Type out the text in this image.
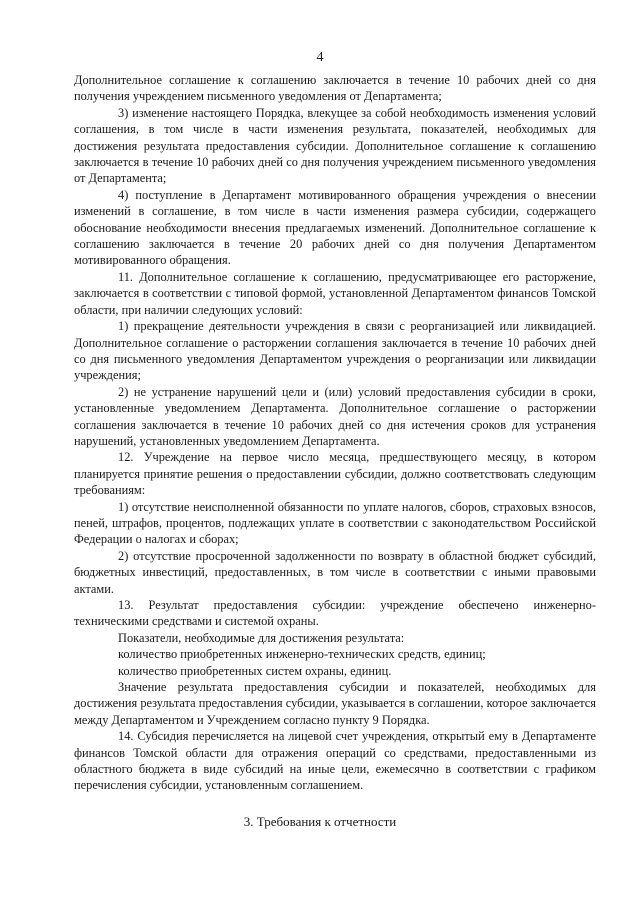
4

Дополнительное соглашение к соглашению заключается в течение 10 рабочих дней со дня получения учреждением письменного уведомления от Департамента;

3) изменение настоящего Порядка, влекущее за собой необходимость изменения условий соглашения, в том числе в части изменения результата, показателей, необходимых для достижения результата предоставления субсидии. Дополнительное соглашение к соглашению заключается в течение 10 рабочих дней со дня получения учреждением письменного уведомления от Департамента;

4) поступление в Департамент мотивированного обращения учреждения о внесении изменений в соглашение, в том числе в части изменения размера субсидии, содержащего обоснование необходимости внесения предлагаемых изменений. Дополнительное соглашение к соглашению заключается в течение 20 рабочих дней со дня получения Департаментом мотивированного обращения.

11. Дополнительное соглашение к соглашению, предусматривающее его расторжение, заключается в соответствии с типовой формой, установленной Департаментом финансов Томской области, при наличии следующих условий:

1) прекращение деятельности учреждения в связи с реорганизацией или ликвидацией. Дополнительное соглашение о расторжении соглашения заключается в течение 10 рабочих дней со дня письменного уведомления Департаментом учреждения о реорганизации или ликвидации учреждения;

2) не устранение нарушений цели и (или) условий предоставления субсидии в сроки, установленные уведомлением Департамента. Дополнительное соглашение о расторжении соглашения заключается в течение 10 рабочих дней со дня истечения сроков для устранения нарушений, установленных уведомлением Департамента.

12. Учреждение на первое число месяца, предшествующего месяцу, в котором планируется принятие решения о предоставлении субсидии, должно соответствовать следующим требованиям:

1) отсутствие неисполненной обязанности по уплате налогов, сборов, страховых взносов, пеней, штрафов, процентов, подлежащих уплате в соответствии с законодательством Российской Федерации о налогах и сборах;

2) отсутствие просроченной задолженности по возврату в областной бюджет субсидий, бюджетных инвестиций, предоставленных, в том числе в соответствии с иными правовыми актами.

13. Результат предоставления субсидии: учреждение обеспечено инженерно-техническими средствами и системой охраны.

Показатели, необходимые для достижения результата:

количество приобретенных инженерно-технических средств, единиц;

количество приобретенных систем охраны, единиц.

Значение результата предоставления субсидии и показателей, необходимых для достижения результата предоставления субсидии, указывается в соглашении, которое заключается между Департаментом и Учреждением согласно пункту 9 Порядка.

14. Субсидия перечисляется на лицевой счет учреждения, открытый ему в Департаменте финансов Томской области для отражения операций со средствами, предоставленными из областного бюджета в виде субсидий на иные цели, ежемесячно в соответствии с графиком перечисления субсидии, установленным соглашением.

3. Требования к отчетности
